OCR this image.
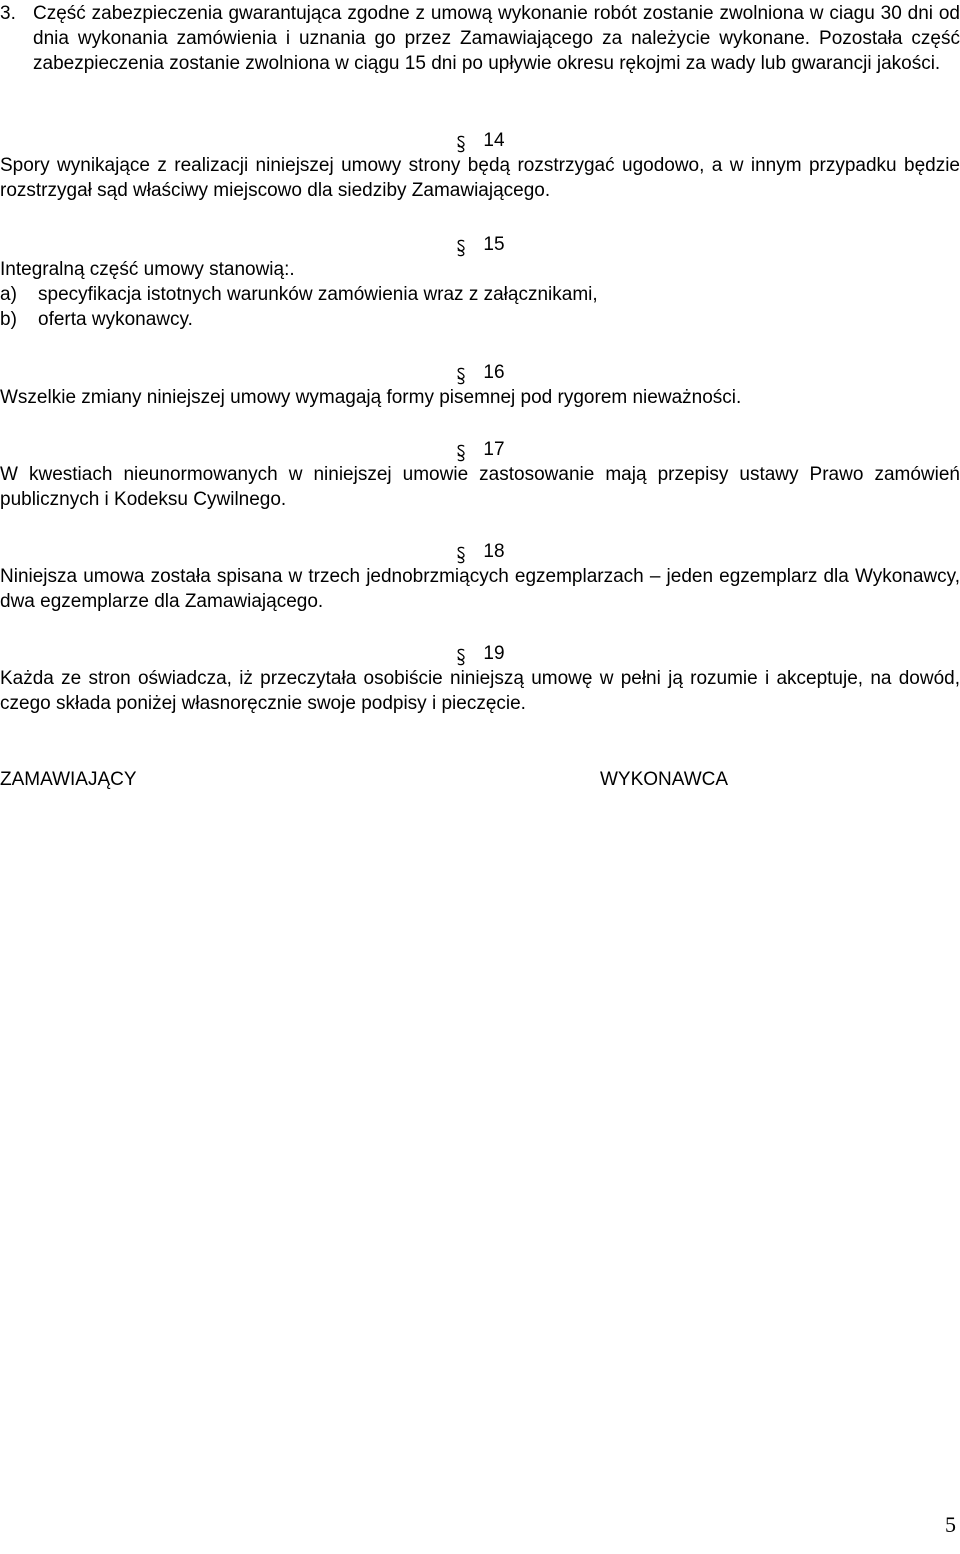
3. Część zabezpieczenia gwarantująca zgodne z umową wykonanie robót zostanie zwolniona w ciagu 30 dni od dnia wykonania zamówienia i uznania go przez Zamawiającego za należycie wykonane. Pozostała część zabezpieczenia zostanie zwolniona w ciągu 15 dni po upływie okresu rękojmi za wady lub gwarancji jakości.
14
Spory wynikające z realizacji niniejszej umowy strony będą rozstrzygać ugodowo, a w innym przypadku będzie rozstrzygał sąd właściwy miejscowo dla siedziby Zamawiającego.
15
Integralną część umowy stanowią:.
a) specyfikacja istotnych warunków zamówienia wraz z załącznikami,
b) oferta wykonawcy.
16
Wszelkie zmiany niniejszej umowy wymagają formy pisemnej pod rygorem nieważności.
17
W kwestiach nieunormowanych w niniejszej umowie zastosowanie mają przepisy ustawy Prawo zamówień publicznych i Kodeksu Cywilnego.
18
Niniejsza umowa została spisana w trzech jednobrzmiących egzemplarzach – jeden egzemplarz dla Wykonawcy, dwa egzemplarze dla Zamawiającego.
19
Każda ze stron oświadcza, iż przeczytała osobiście niniejszą umowę w pełni ją rozumie i akceptuje, na dowód, czego składa poniżej własnoręcznie swoje podpisy i pieczęcie.
ZAMAWIAJĄCY	WYKONAWCA
5
